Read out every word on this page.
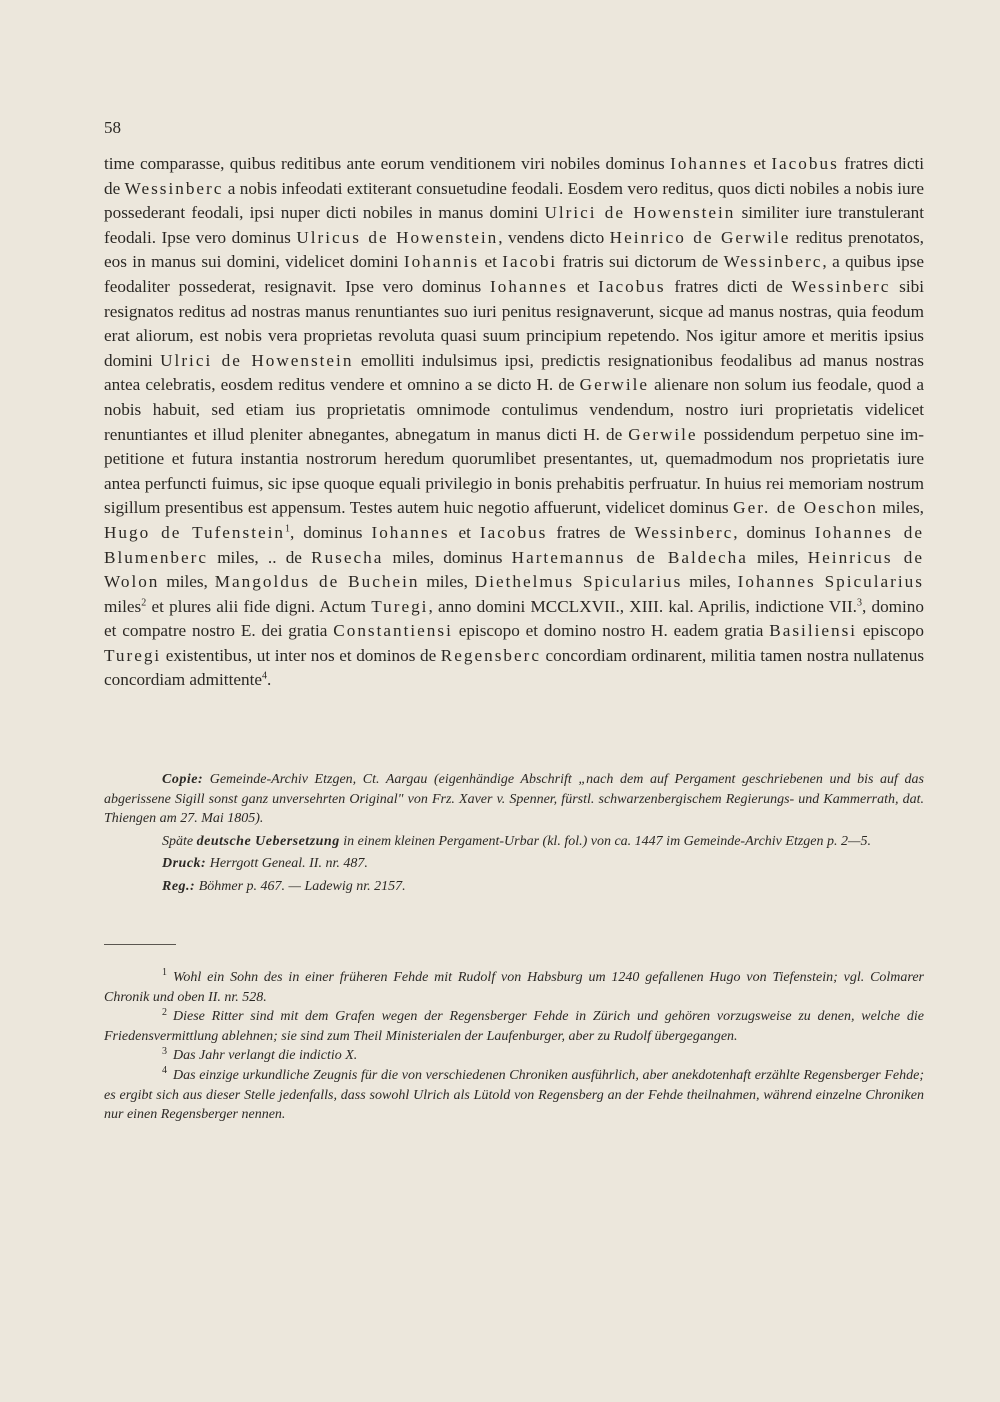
58

time comparasse, quibus reditibus ante eorum venditionem viri nobiles dominus Iohannes et Iacobus fratres dicti de Wessinberc a nobis infeodati extiterant consuetudine feodali. Eosdem vero reditus, quos dicti nobiles a nobis iure possederant feodali, ipsi nuper dicti nobiles in manus domini Ulrici de Howenstein similiter iure transtulerant feodali. Ipse vero dominus Ulricus de Howenstein, vendens dicto Heinrico de Gerwile reditus prenotatos, eos in manus sui domini, videlicet domini Iohannis et Iacobi fratris sui dictorum de Wessinberc, a quibus ipse feodaliter possederat, resignavit. Ipse vero dominus Iohannes et Iacobus fratres dicti de Wessinberc sibi resignatos reditus ad nostras manus renuntiantes suo iuri penitus resignaverunt, sicque ad manus nostras, quia feodum erat aliorum, est nobis vera proprietas revoluta quasi suum principium repetendo. Nos igitur amore et meritis ipsius domini Ulrici de Howenstein emolliti indulsimus ipsi, predictis resignationibus feodalibus ad manus nostras antea celebratis, eosdem reditus vendere et omnino a se dicto H. de Gerwile alienare non solum ius feodale, quod a nobis habuit, sed etiam ius proprietatis omnimode contulimus vendendum, nostro iuri proprietatis videlicet renuntiantes et illud pleniter abnegantes, abnegatum in manus dicti H. de Gerwile possidendum perpetuo sine impetitione et futura instantia nostrorum heredum quorumlibet presentantes, ut, quemadmodum nos proprietatis iure antea perfuncti fuimus, sic ipse quoque equali privilegio in bonis prehabitis perfruatur. In huius rei memoriam nostrum sigillum presentibus est appensum. Testes autem huic negotio affuerunt, videlicet dominus Ger. de Oeschon miles, Hugo de Tufenstein$^1$, dominus Iohannes et Iacobus fratres de Wessinberc, dominus Iohannes de Blumenberc miles, .. de Rusecha miles, dominus Hartemannus de Baldecha miles, Heinricus de Wolon miles, Mangoldus de Buchein miles, Diethelmus Spicularius miles, Iohannes Spicularius miles$^2$ et plures alii fide digni. Actum Turegi, anno domini MCCLXVII., XIII. kal. Aprilis, indictione VII.$^3$, domino et compatre nostro E. dei gratia Constantiensi episcopo et domino nostro H. eadem gratia Basiliensi episcopo Turegi existentibus, ut inter nos et dominos de Regensberc concordiam ordinarent, militia tamen nostra nullatenus concordiam admittente$^4$.

Copie: Gemeinde-Archiv Etzgen, Ct. Aargau (eigenhändige Abschrift „nach dem auf Pergament geschriebenen und bis auf das abgerissene Sigill sonst ganz unversehrten Original" von Frz. Xaver v. Spenner, fürstl. schwarzenbergischem Regierungs- und Kammerrath, dat. Thiengen am 27. Mai 1805).

Späte deutsche Uebersetzung in einem kleinen Pergament-Urbar (kl. fol.) von ca. 1447 im Gemeinde-Archiv Etzgen p. 2—5.

Druck: Herrgott Geneal. II. nr. 487.

Reg.: Böhmer p. 467. — Ladewig nr. 2157.

$^1$ Wohl ein Sohn des in einer früheren Fehde mit Rudolf von Habsburg um 1240 gefallenen Hugo von Tiefenstein; vgl. Colmarer Chronik und oben II. nr. 528.

$^2$ Diese Ritter sind mit dem Grafen wegen der Regensberger Fehde in Zürich und gehören vorzugsweise zu denen, welche die Friedensvermittlung ablehnen; sie sind zum Theil Ministerialen der Laufenburger, aber zu Rudolf übergegangen.

$^3$ Das Jahr verlangt die indictio X.

$^4$ Das einzige urkundliche Zeugnis für die von verschiedenen Chroniken ausführlich, aber anekdotenhaft erzählte Regensberger Fehde; es ergibt sich aus dieser Stelle jedenfalls, dass sowohl Ulrich als Lütold von Regensberg an der Fehde theilnahmen, während einzelne Chroniken nur einen Regensberger nennen.
